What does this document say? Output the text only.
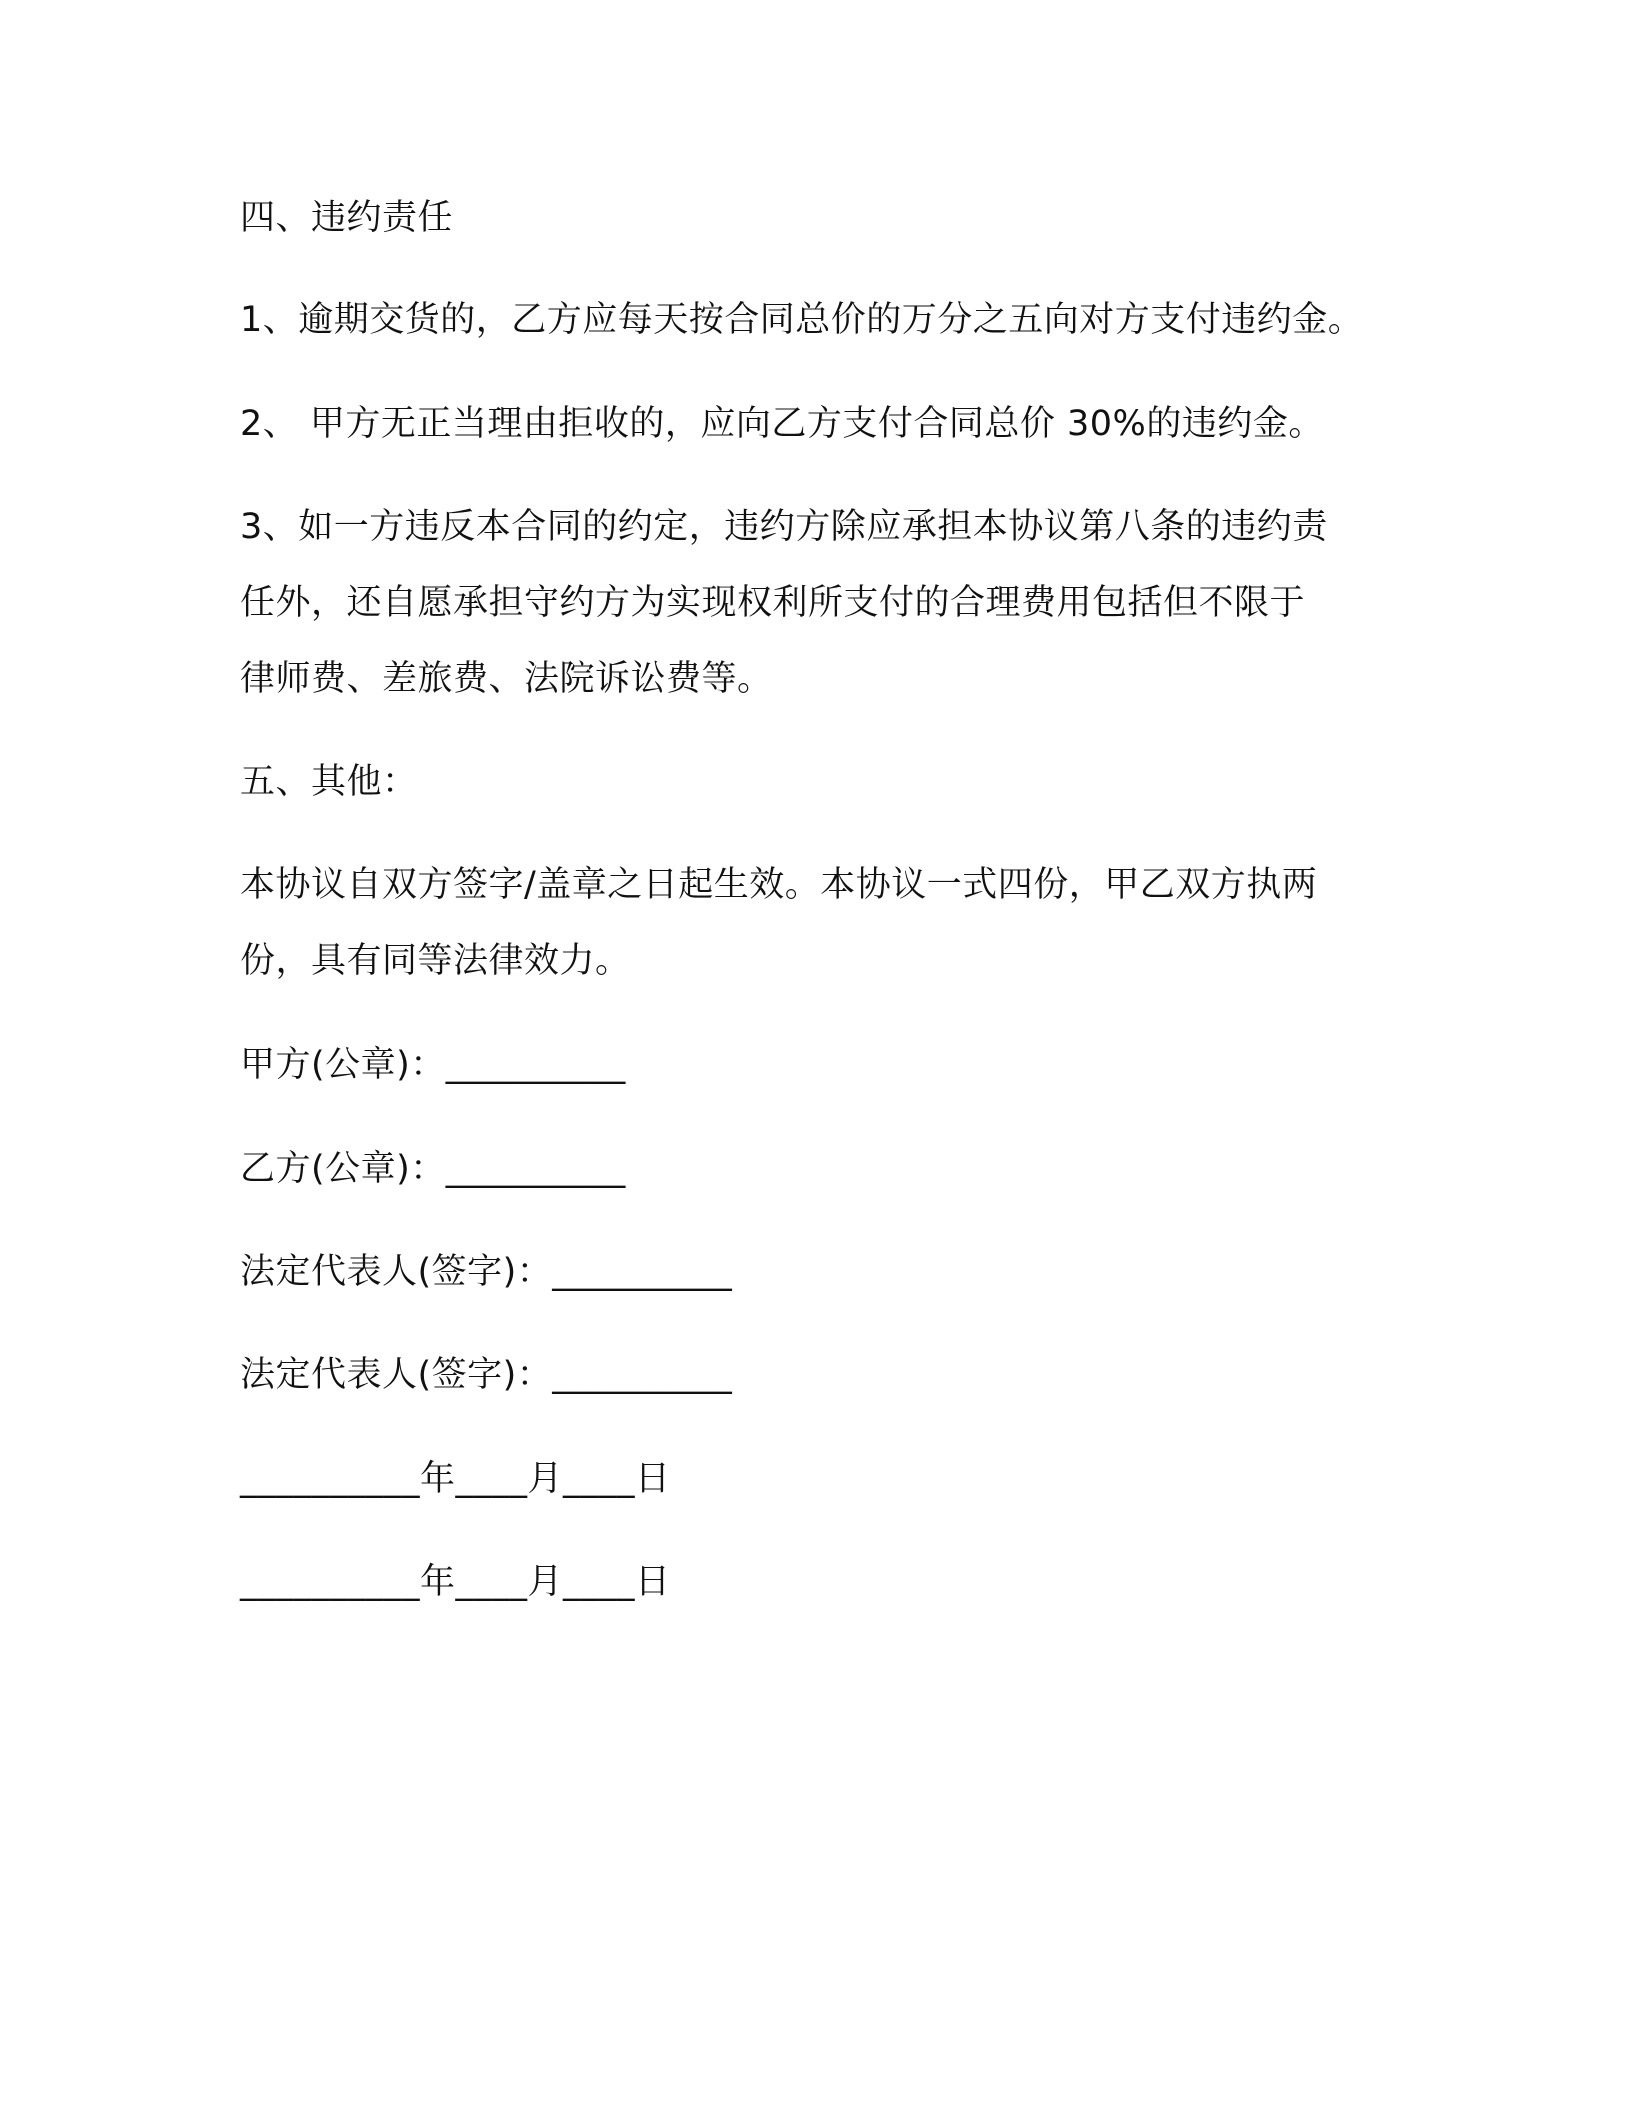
四、违约责任
1、逾期交货的，乙方应每天按合同总价的万分之五向对方支付违约金。
2、 甲方无正当理由拒收的，应向乙方支付合同总价 30%的违约金。
3、如一方违反本合同的约定，违约方除应承担本协议第八条的违约责
任外，还自愿承担守约方为实现权利所支付的合理费用包括但不限于
律师费、差旅费、法院诉讼费等。
五、其他：
本协议自双方签字/盖章之日起生效。本协议一式四份，甲乙双方执两
份，具有同等法律效力。
甲方(公章)：__________
乙方(公章)：__________
法定代表人(签字)：__________
法定代表人(签字)：__________
__________年____月____日
__________年____月____日
